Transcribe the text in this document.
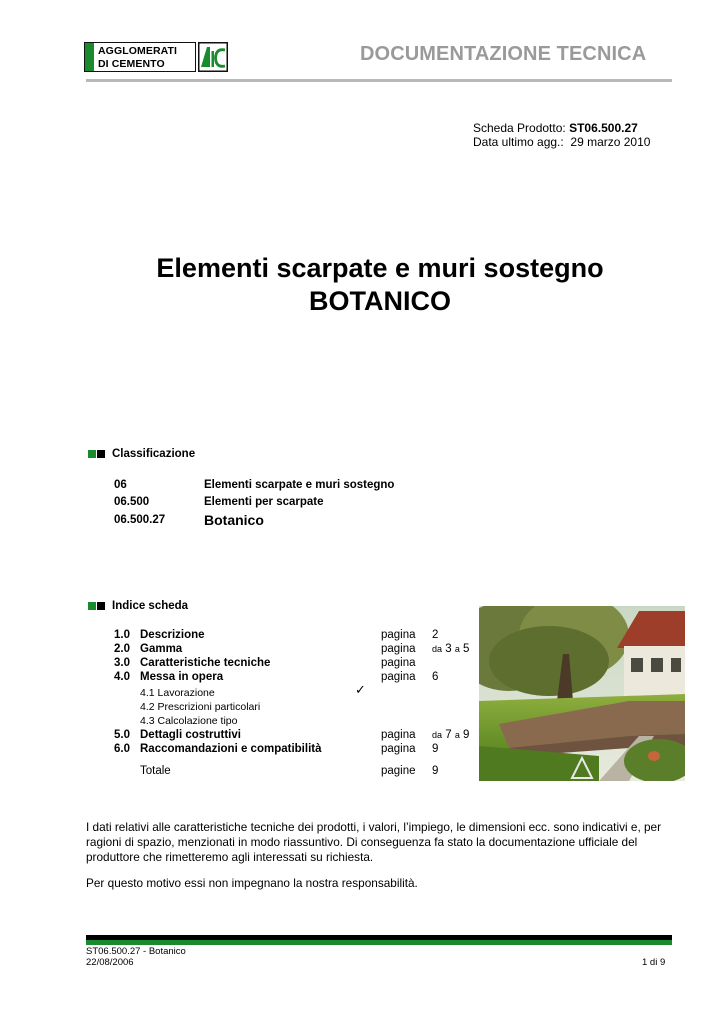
AGGLOMERATI
DI CEMENTO	DOCUMENTAZIONE TECNICA
Scheda Prodotto: ST06.500.27
Data ultimo agg.: 29 marzo 2010
Elementi scarpate e muri sostegno
BOTANICO
Classificazione
06	Elementi scarpate e muri sostegno
06.500	Elementi per scarpate
06.500.27	Botanico
Indice scheda
1.0 Descrizione	pagina 2
2.0 Gamma	pagina da 3 a 5
3.0 Caratteristiche tecniche	pagina
4.0 Messa in opera	pagina 6
4.1 Lavorazione	✓
4.2 Prescrizioni particolari
4.3 Calcolazione tipo
5.0 Dettagli costruttivi	pagina da 7 a 9
6.0 Raccomandazioni e compatibilità	pagina 9
Totale	pagine 9
I dati relativi alle caratteristiche tecniche dei prodotti, i valori, l’impiego, le dimensioni ecc. sono indicativi e, per ragioni di spazio, menzionati in modo riassuntivo. Di conseguenza fa stato la documentazione ufficiale del produttore che rimetteremo agli interessati su richiesta.
Per questo motivo essi non impegnano la nostra responsabilità.
ST06.500.27 - Botanico
22/08/2006	1 di 9
